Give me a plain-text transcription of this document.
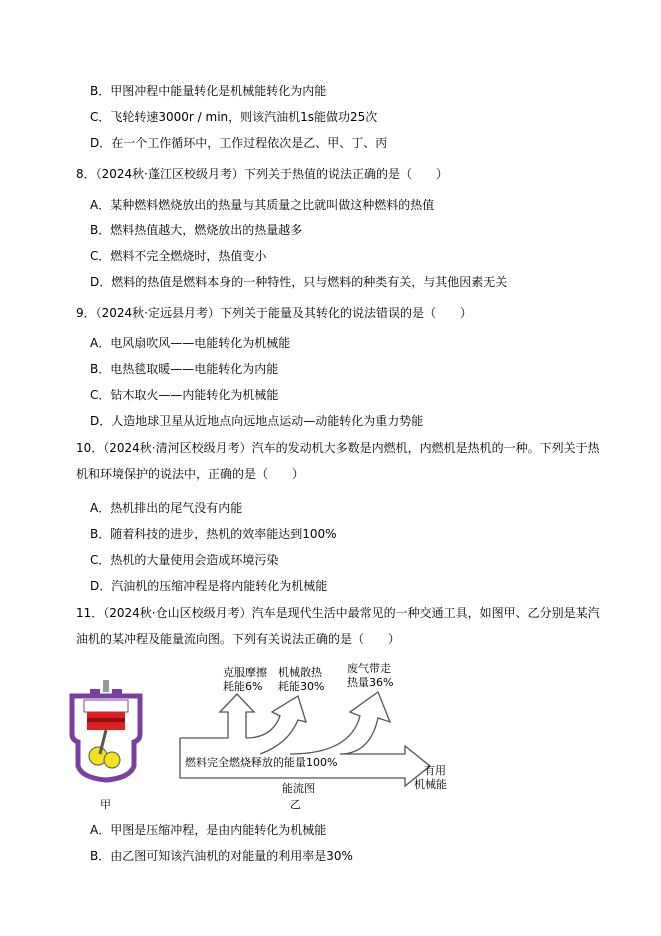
B．甲图冲程中能量转化是机械能转化为内能
C．飞轮转速3000r / min，则该汽油机1s能做功25次
D．在一个工作循环中，工作过程依次是乙、甲、丁、丙
8．（2024秋·蓬江区校级月考）下列关于热值的说法正确的是（　　）
A．某种燃料燃烧放出的热量与其质量之比就叫做这种燃料的热值
B．燃料热值越大，燃烧放出的热量越多
C．燃料不完全燃烧时，热值变小
D．燃料的热值是燃料本身的一种特性，只与燃料的种类有关，与其他因素无关
9．（2024秋·定远县月考）下列关于能量及其转化的说法错误的是（　　）
A．电风扇吹风——电能转化为机械能
B．电热毯取暖——电能转化为内能
C．钻木取火——内能转化为机械能
D．人造地球卫星从近地点向远地点运动—动能转化为重力势能
10．（2024秋·清河区校级月考）汽车的发动机大多数是内燃机，内燃机是热机的一种。下列关于热
机和环境保护的说法中，正确的是（　　）
A．热机排出的尾气没有内能
B．随着科技的进步，热机的效率能达到100%
C．热机的大量使用会造成环境污染
D．汽油机的压缩冲程是将内能转化为机械能
11．（2024秋·仓山区校级月考）汽车是现代生活中最常见的一种交通工具，如图甲、乙分别是某汽
油机的某冲程及能量流向图。下列有关说法正确的是（　　）
甲
燃料完全燃烧释放的能量100%
克服摩擦
耗能6%
机械散热
耗能30%
废气带走
热量36%
有用
机械能
能流图
乙
A．甲图是压缩冲程，是由内能转化为机械能
B．由乙图可知该汽油机的对能量的利用率是30%
